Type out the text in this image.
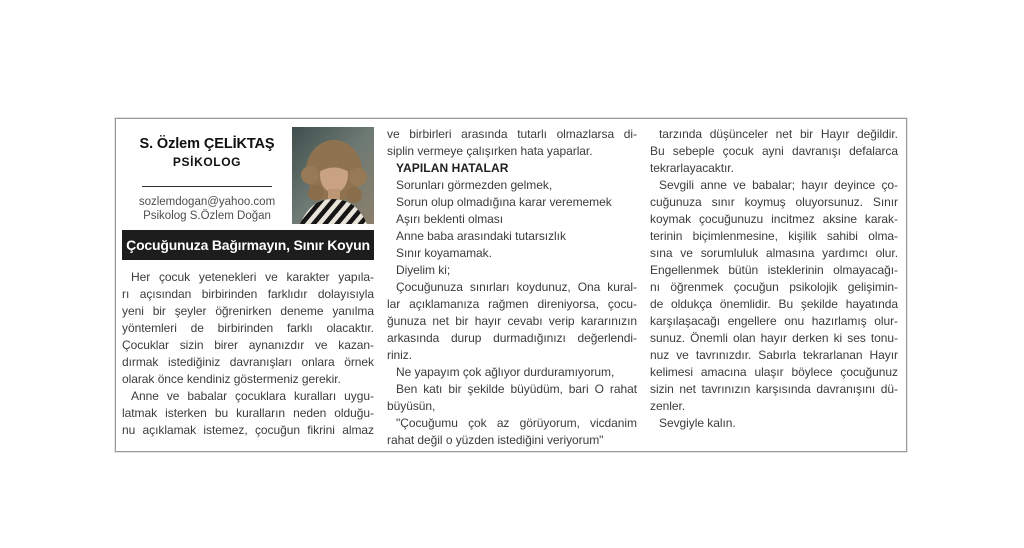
S. Özlem ÇELİKTAŞ
PSİKOLOG
sozlemdogan@yahoo.com
Psikolog S.Özlem Doğan
Çocuğunuza Bağırmayın, Sınır Koyun
Her çocuk yetenekleri ve karakter yapıla-
rı açısından birbirinden farklıdır dolayısıyla
yeni bir şeyler öğrenirken deneme yanılma
yöntemleri de birbirinden farklı olacaktır.
Çocuklar sizin birer aynanızdır ve kazan-
dırmak istediğiniz davranışları onlara örnek
olarak önce kendiniz göstermeniz gerekir.
Anne ve babalar çocuklara kuralları uygu-
latmak isterken bu kuralların neden olduğu-
nu açıklamak istemez, çocuğun fikrini almaz
ve birbirleri arasında tutarlı olmazlarsa di-
siplin vermeye çalışırken hata yaparlar.
YAPILAN HATALAR
Sorunları görmezden gelmek,
Sorun olup olmadığına karar verememek
Aşırı beklenti olması
Anne baba arasındaki tutarsızlık
Sınır koyamamak.
Diyelim ki;
Çocuğunuza sınırları koydunuz, Ona kural-
lar açıklamanıza rağmen direniyorsa, çocu-
ğunuza net bir hayır cevabı verip kararınızın
arkasında durup durmadığınızı değerlendi-
riniz.
Ne yapayım çok ağlıyor durduramıyorum,
Ben katı bir şekilde büyüdüm, bari O rahat
büyüsün,
"Çocuğumu çok az görüyorum, vicdanim
rahat değil o yüzden istediğini veriyorum"
tarzında düşünceler net bir Hayır değildir.
Bu sebeple çocuk ayni davranışı defalarca
tekrarlayacaktır.
Sevgili anne ve babalar; hayır deyince ço-
cuğunuza sınır koymuş oluyorsunuz. Sınır
koymak çocuğunuzu incitmez aksine karak-
terinin biçimlenmesine, kişilik sahibi olma-
sına ve sorumluluk almasına yardımcı olur.
Engellenmek bütün isteklerinin olmayacağı-
nı öğrenmek çocuğun psikolojik gelişimin-
de oldukça önemlidir. Bu şekilde hayatında
karşılaşacağı engellere onu hazırlamış olur-
sunuz. Önemli olan hayır derken ki ses tonu-
nuz ve tavrınızdır. Sabırla tekrarlanan Hayır
kelimesi amacına ulaşır böylece çocuğunuz
sizin net tavrınızın karşısında davranışını dü-
zenler.
Sevgiyle kalın.
